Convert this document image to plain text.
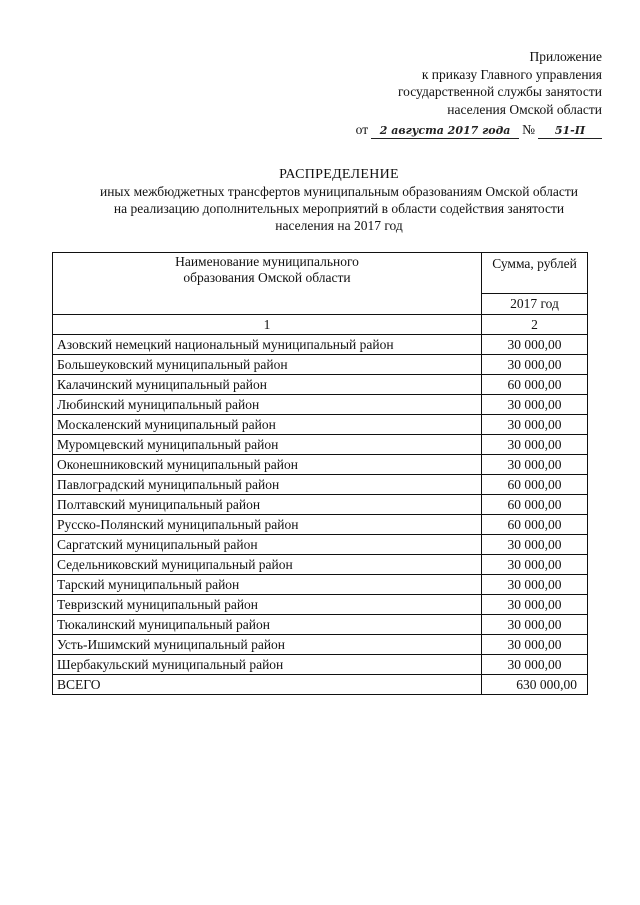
Приложение
к приказу Главного управления
государственной службы занятости
населения Омской области
от	2 августа 2017 года №	51-П
РАСПРЕДЕЛЕНИЕ
иных межбюджетных трансфертов муниципальным образованиям Омской области
на реализацию дополнительных мероприятий в области содействия занятости
населения на 2017 год
Наименование муниципального
образования Омской области	Сумма, рублей
	2017 год
1	2
Азовский немецкий национальный муниципальный район	30 000,00
Большеуковский муниципальный район	30 000,00
Калачинский муниципальный район	60 000,00
Любинский муниципальный район	30 000,00
Москаленский муниципальный район	30 000,00
Муромцевский муниципальный район	30 000,00
Оконешниковский муниципальный район	30 000,00
Павлоградский муниципальный район	60 000,00
Полтавский муниципальный район	60 000,00
Русско-Полянский муниципальный район	60 000,00
Саргатский муниципальный район	30 000,00
Седельниковский муниципальный район	30 000,00
Тарский муниципальный район	30 000,00
Тевризский муниципальный район	30 000,00
Тюкалинский муниципальный район	30 000,00
Усть-Ишимский муниципальный район	30 000,00
Шербакульский муниципальный район	30 000,00
ВСЕГО	630 000,00
